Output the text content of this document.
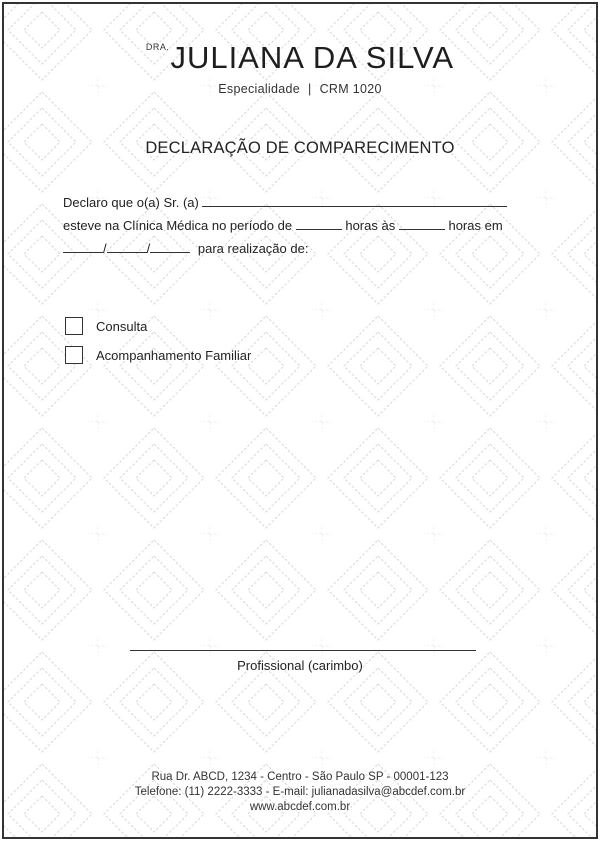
$^{DRA.}$JULIANA DA SILVA
Especialidade | CRM 1020
DECLARAÇÃO DE COMPARECIMENTO
Declaro que o(a) Sr. (a)
esteve na Clínica Médica no período de	horas às	horas em
/	/	para realização de:
Consulta
Acompanhamento Familiar
Profissional (carimbo)
Rua Dr. ABCD, 1234 - Centro - São Paulo SP - 00001-123
Telefone: (11) 2222-3333 - E-mail: julianadasilva@abcdef.com.br
www.abcdef.com.br
